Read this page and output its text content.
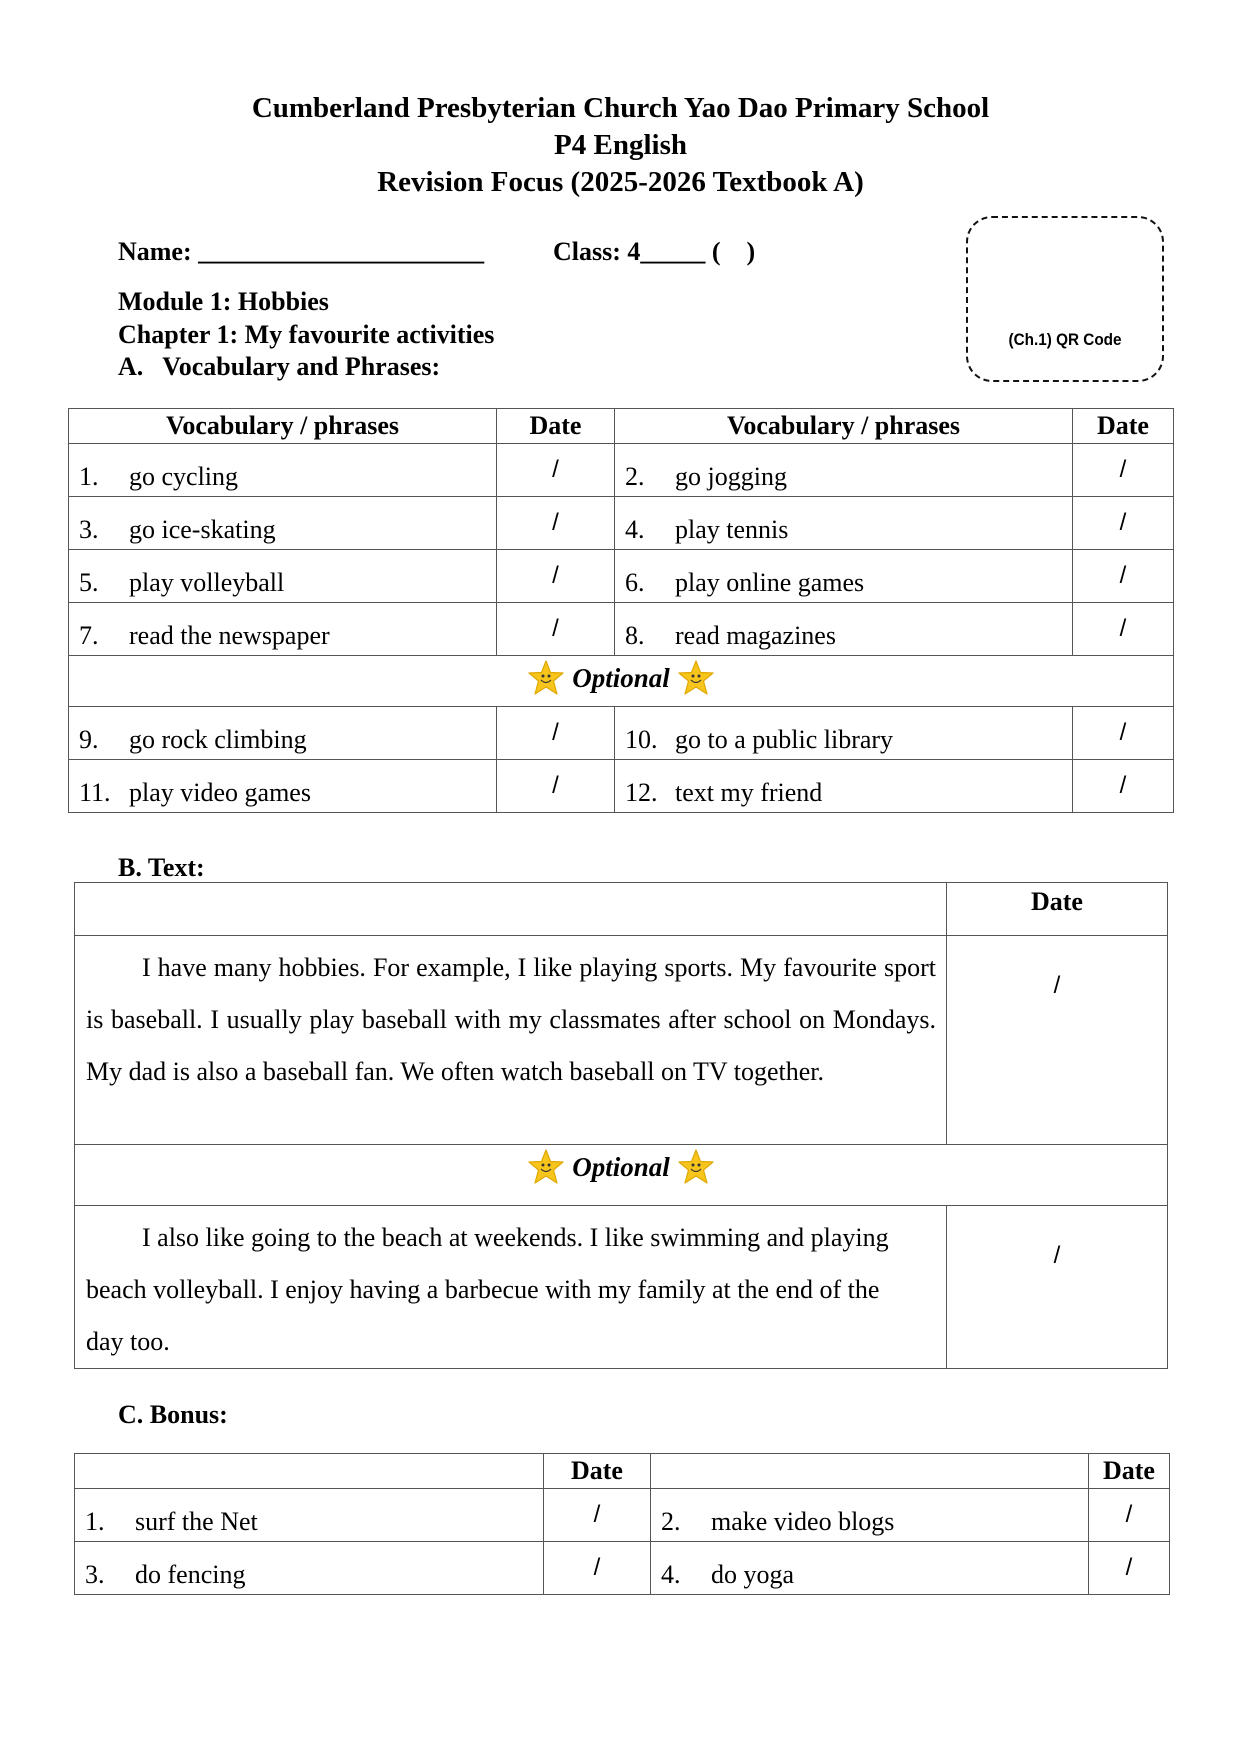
Cumberland Presbyterian Church Yao Dao Primary School
P4 English
Revision Focus (2025-2026 Textbook A)
Name: ______________________	Class: 4_____ (    )
Module 1: Hobbies
Chapter 1: My favourite activities
A.   Vocabulary and Phrases:
(Ch.1) QR Code
Vocabulary / phrases	Date	Vocabulary / phrases	Date
1. go cycling	/	2. go jogging	/
3. go ice-skating	/	4. play tennis	/
5. play volleyball	/	6. play online games	/
7. read the newspaper	/	8. read magazines	/

Optional			

9. go rock climbing	/	10. go to a public library	/
11. play video games	/	12. text my friend	/
B. Text:
	Date
I have many hobbies. For example, I like playing sports. My favourite sport is baseball. I usually play baseball with my classmates after school on Mondays. My dad is also a baseball fan. We often watch baseball on TV together.	/

Optional	

I also like going to the beach at weekends. I like swimming and playing beach volleyball. I enjoy having a barbecue with my family at the end of the day too.	/
C. Bonus:
	Date		Date
1. surf the Net	/	2. make video blogs	/
3. do fencing	/	4. do yoga	/
